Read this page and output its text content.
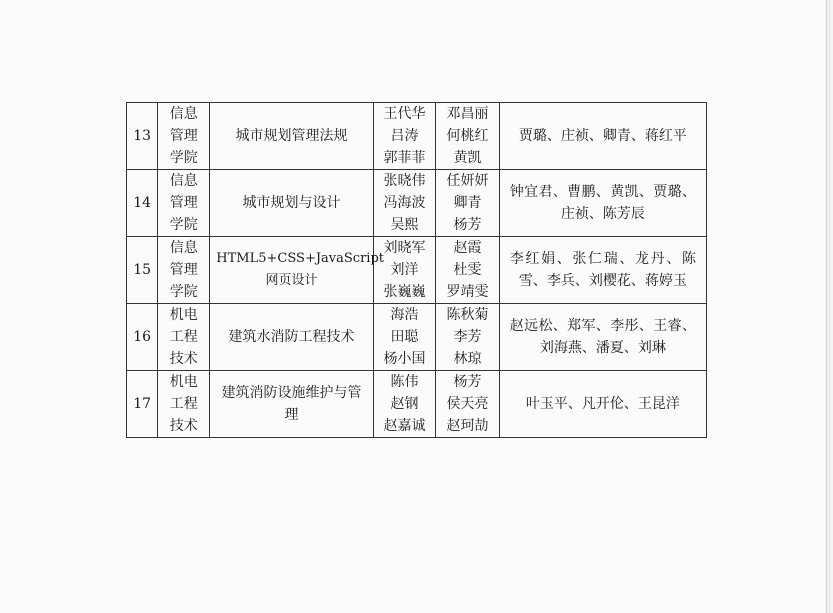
13	信息
管理
学院	城市规划管理法规	王代华
吕涛
郭菲菲	邓昌丽
何桃红
黄凯	贾璐、庄祯、卿青、蒋红平
14	信息
管理
学院	城市规划与设计	张晓伟
冯海波
吴熙	任妍妍
卿青
杨芳	钟宜君、曹鹏、黄凯、贾璐、庄祯、陈芳辰
15	信息
管理
学院	HTML5+CSS+JavaScript网页设计	刘晓军
刘洋
张巍巍	赵霞
杜雯
罗靖雯	李红娟、张仁瑞、龙丹、陈雪、李兵、刘樱花、蒋婷玉
16	机电
工程
技术	建筑水消防工程技术	海浩
田聪
杨小国	陈秋菊
李芳
林琼	赵远松、郑军、李彤、王睿、刘海燕、潘夏、刘琳
17	机电
工程
技术	建筑消防设施维护与管理	陈伟
赵钢
赵嘉诚	杨芳
侯天亮
赵珂劼	叶玉平、凡开伦、王昆洋
